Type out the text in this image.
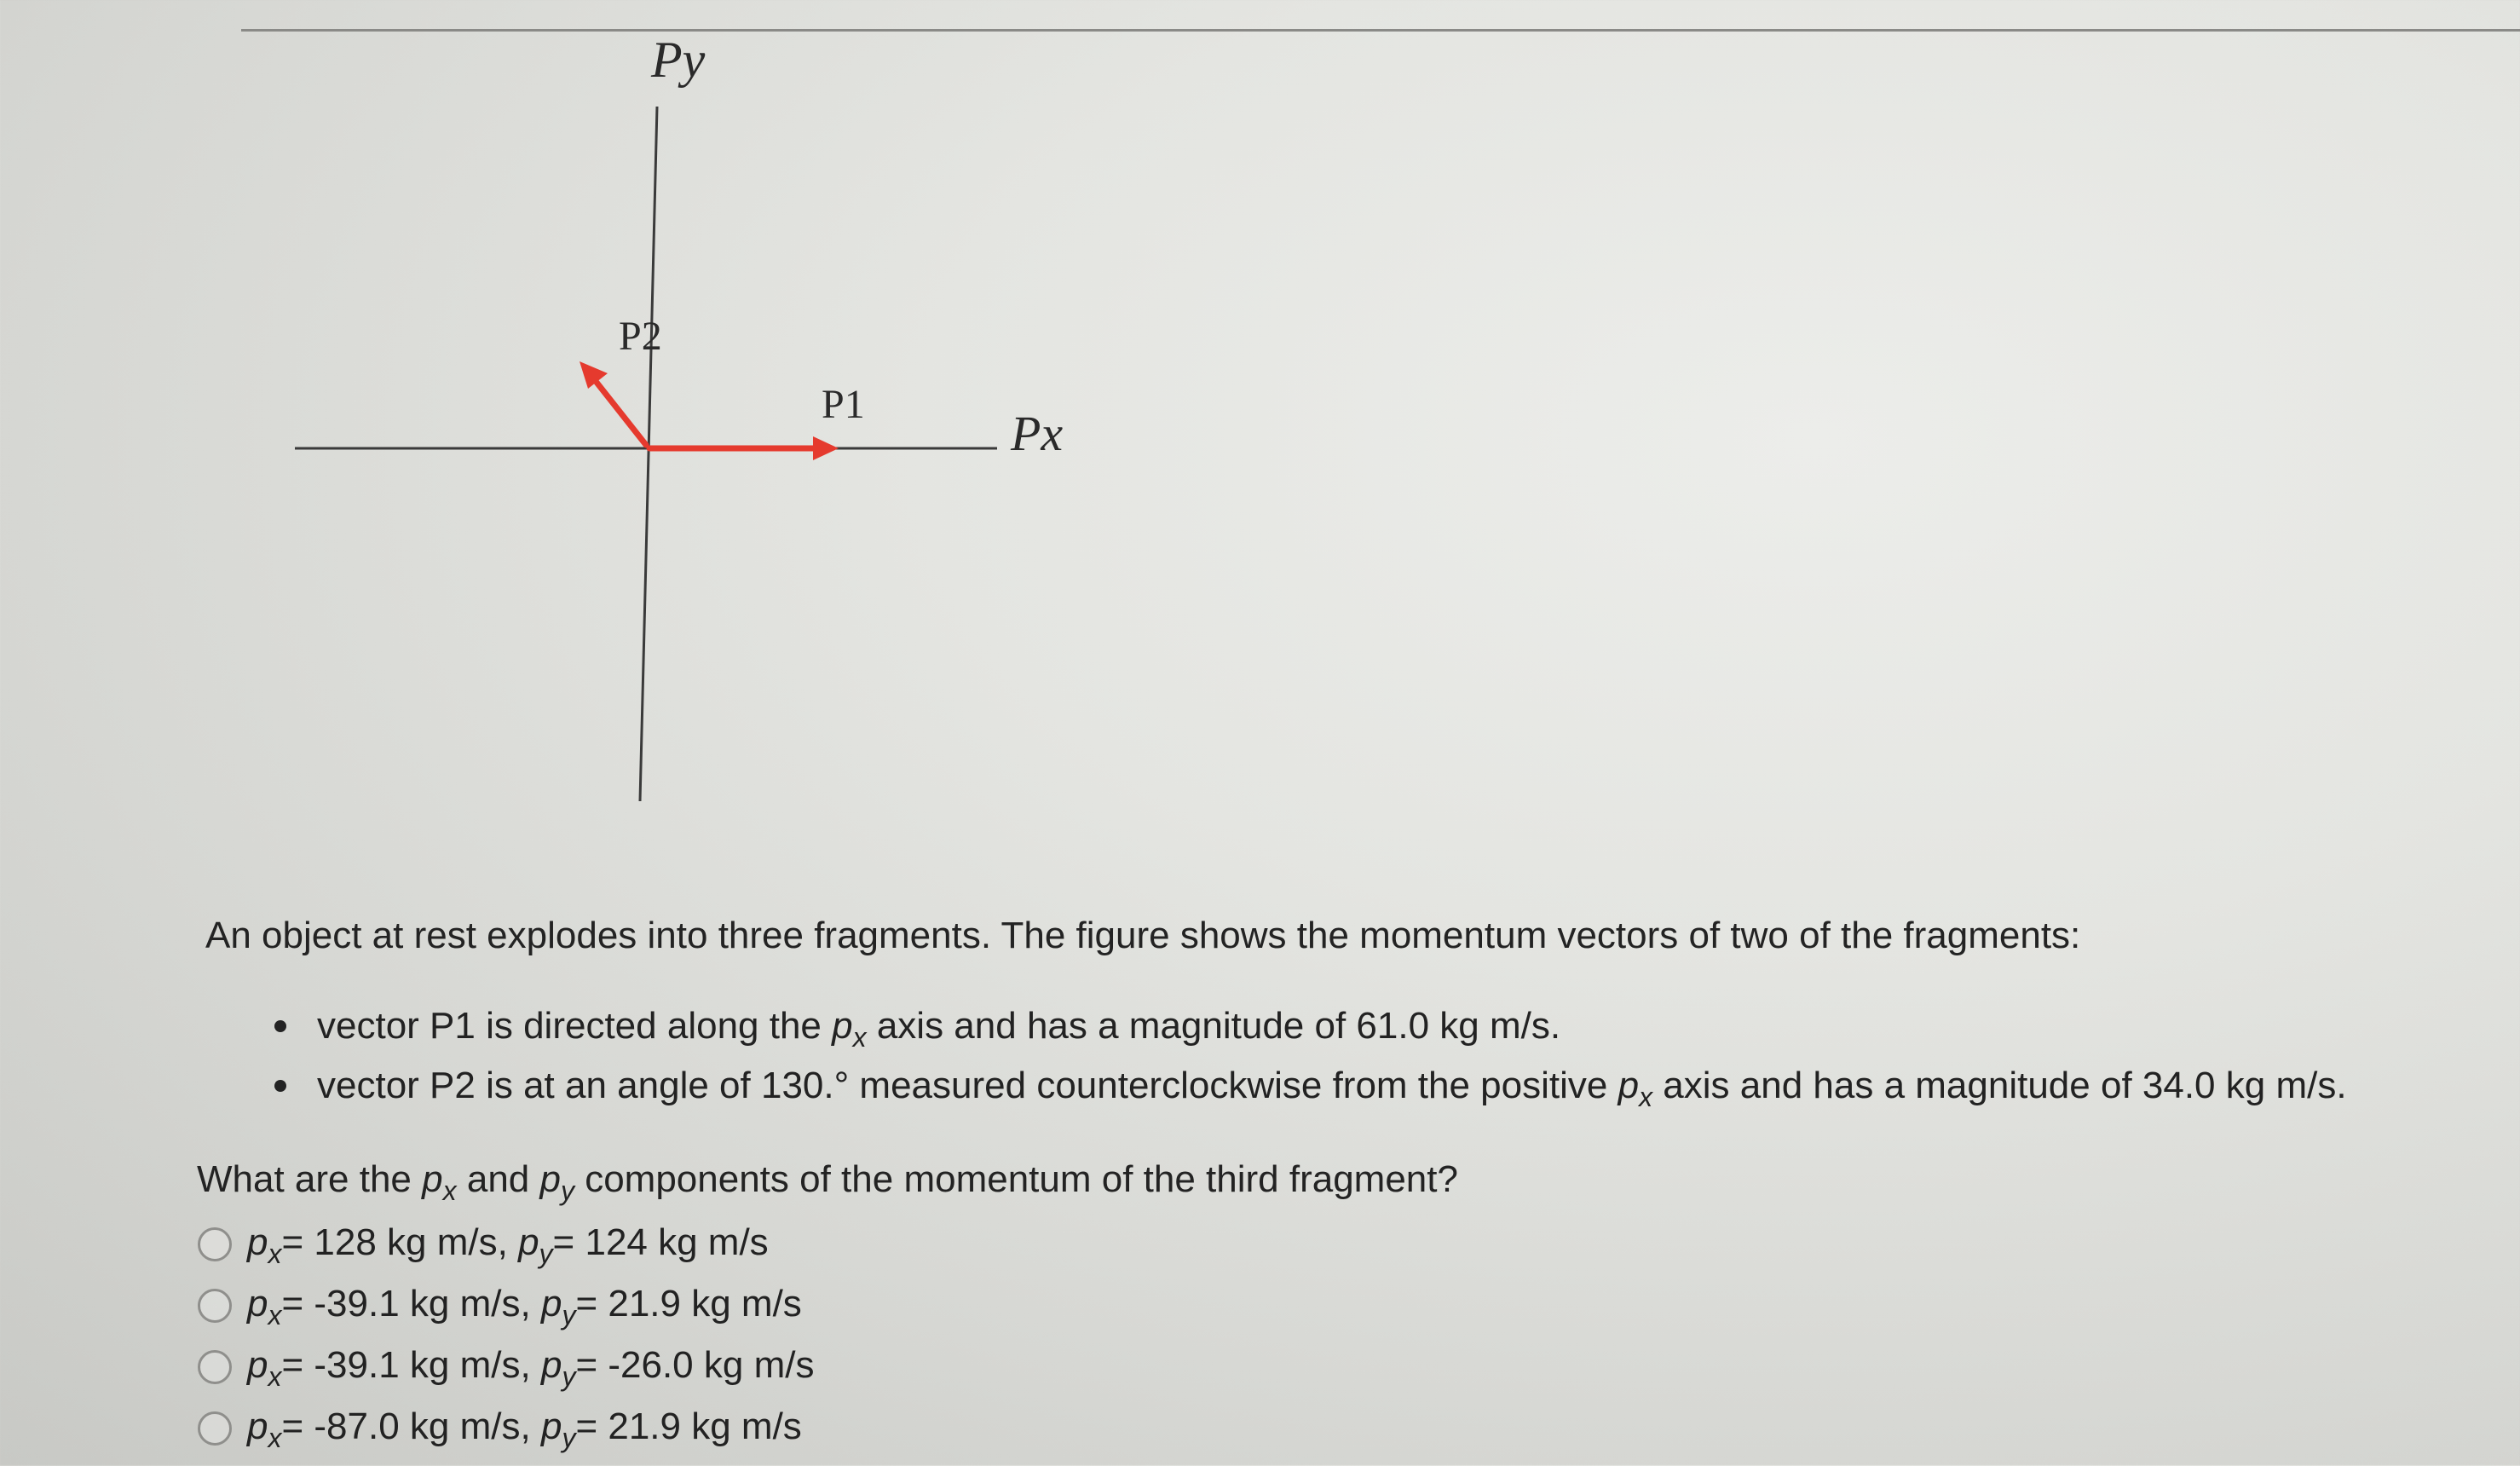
Py
Px
P1
P2
An object at rest explodes into three fragments. The figure shows the momentum vectors of two of the fragments:
vector P1 is directed along the $p_x$ axis and has a magnitude of 61.0 kg m/s.
vector P2 is at an angle of 130.° measured counterclockwise from the positive $p_x$ axis and has a magnitude of 34.0 kg m/s.
What are the $p_x$ and $p_y$ components of the momentum of the third fragment?
$p_x= 128$ kg m/s, $p_y= 124$ kg m/s
$p_x= -39.1$ kg m/s, $p_y= 21.9$ kg m/s
$p_x= -39.1$ kg m/s, $p_y= -26.0$ kg m/s
$p_x= -87.0$ kg m/s, $p_y= 21.9$ kg m/s
